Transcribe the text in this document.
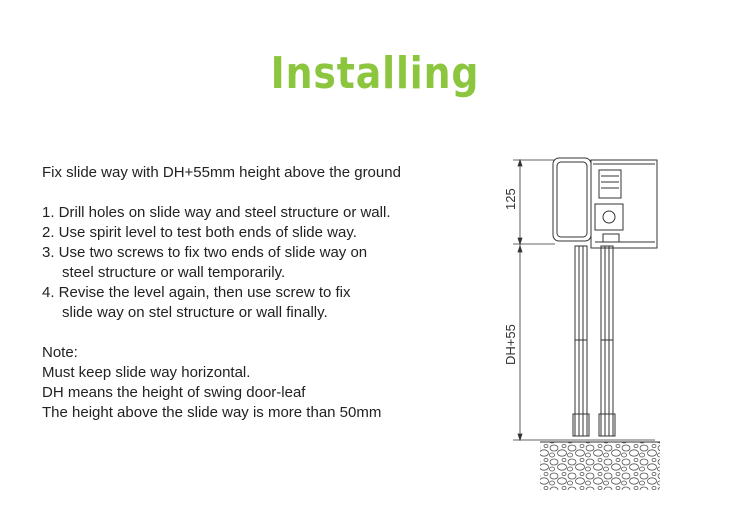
Installing

Fix slide way with DH+55mm height above the ground

1. Drill holes on slide way and steel structure or wall.

2. Use spirit level to test both ends of slide way.

3. Use two screws to fix two ends of slide way on

steel structure or wall temporarily.

4. Revise the level again, then use screw to fix

slide way on stel structure or wall finally.

Note:

Must keep slide way horizontal.

DH means the height of swing door-leaf

The height above the slide way is more than 50mm

125
DH+55
